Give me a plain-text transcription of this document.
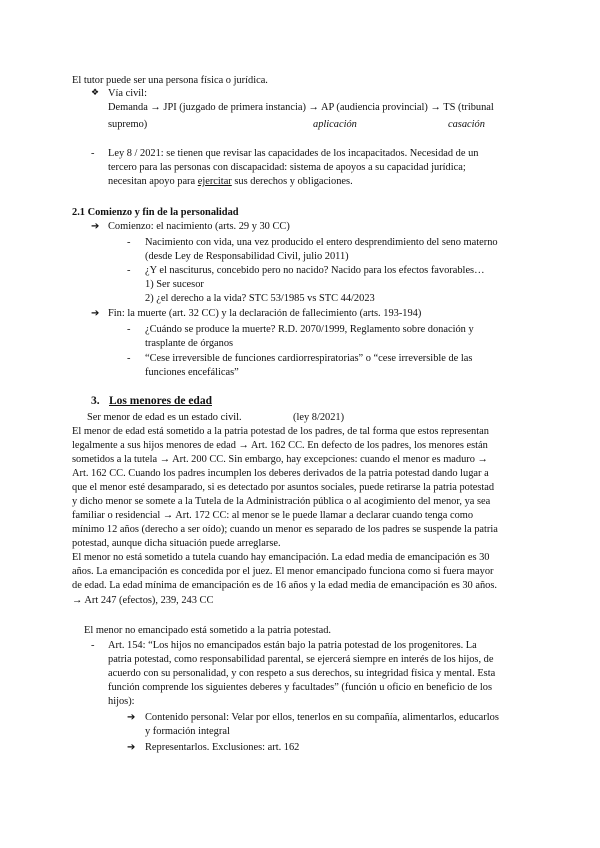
El tutor puede ser una persona física o jurídica.
❖ Vía civil:
Demanda → JPI (juzgado de primera instancia) → AP (audiencia provincial) → TS (tribunal
supremo)	aplicación	casación
- Ley 8 / 2021: se tienen que revisar las capacidades de los incapacitados. Necesidad de un
tercero para las personas con discapacidad: sistema de apoyos a su capacidad jurídica;
necesitan apoyo para ejercitar sus derechos y obligaciones.
2.1 Comienzo y fin de la personalidad
➔ Comienzo: el nacimiento (arts. 29 y 30 CC)
- Nacimiento con vida, una vez producido el entero desprendimiento del seno materno
(desde Ley de Responsabilidad Civil, julio 2011)
- ¿Y el nasciturus, concebido pero no nacido? Nacido para los efectos favorables…
1) Ser sucesor
2) ¿el derecho a la vida? STC 53/1985 vs STC 44/2023
➔ Fin: la muerte (art. 32 CC) y la declaración de fallecimiento (arts. 193-194)
- ¿Cuándo se produce la muerte? R.D. 2070/1999, Reglamento sobre donación y
trasplante de órganos
- “Cese irreversible de funciones cardiorrespiratorias” o “cese irreversible de las
funciones encefálicas”
3. Los menores de edad
Ser menor de edad es un estado civil.	(ley 8/2021)
El menor de edad está sometido a la patria potestad de los padres, de tal forma que estos representan
legalmente a sus hijos menores de edad → Art. 162 CC. En defecto de los padres, los menores están
sometidos a la tutela → Art. 200 CC. Sin embargo, hay excepciones: cuando el menor es maduro →
Art. 162 CC. Cuando los padres incumplen los deberes derivados de la patria potestad dando lugar a
que el menor esté desamparado, si es detectado por asuntos sociales, puede retirarse la patria potestad
y dicho menor se somete a la Tutela de la Administración pública o al acogimiento del menor, ya sea
familiar o residencial → Art. 172 CC: al menor se le puede llamar a declarar cuando tenga como
mínimo 12 años (derecho a ser oído); cuando un menor es separado de los padres se suspende la patria
potestad, aunque dicha situación puede arreglarse.
El menor no está sometido a tutela cuando hay emancipación. La edad media de emancipación es 30
años. La emancipación es concedida por el juez. El menor emancipado funciona como si fuera mayor
de edad. La edad mínima de emancipación es de 16 años y la edad media de emancipación es 30 años.
→ Art 247 (efectos), 239, 243 CC
El menor no emancipado está sometido a la patria potestad.
- Art. 154: “Los hijos no emancipados están bajo la patria potestad de los progenitores. La
patria potestad, como responsabilidad parental, se ejercerá siempre en interés de los hijos, de
acuerdo con su personalidad, y con respeto a sus derechos, su integridad física y mental. Esta
función comprende los siguientes deberes y facultades” (función u oficio en beneficio de los
hijos):
➔ Contenido personal: Velar por ellos, tenerlos en su compañía, alimentarlos, educarlos
y formación integral
➔ Representarlos. Exclusiones: art. 162
